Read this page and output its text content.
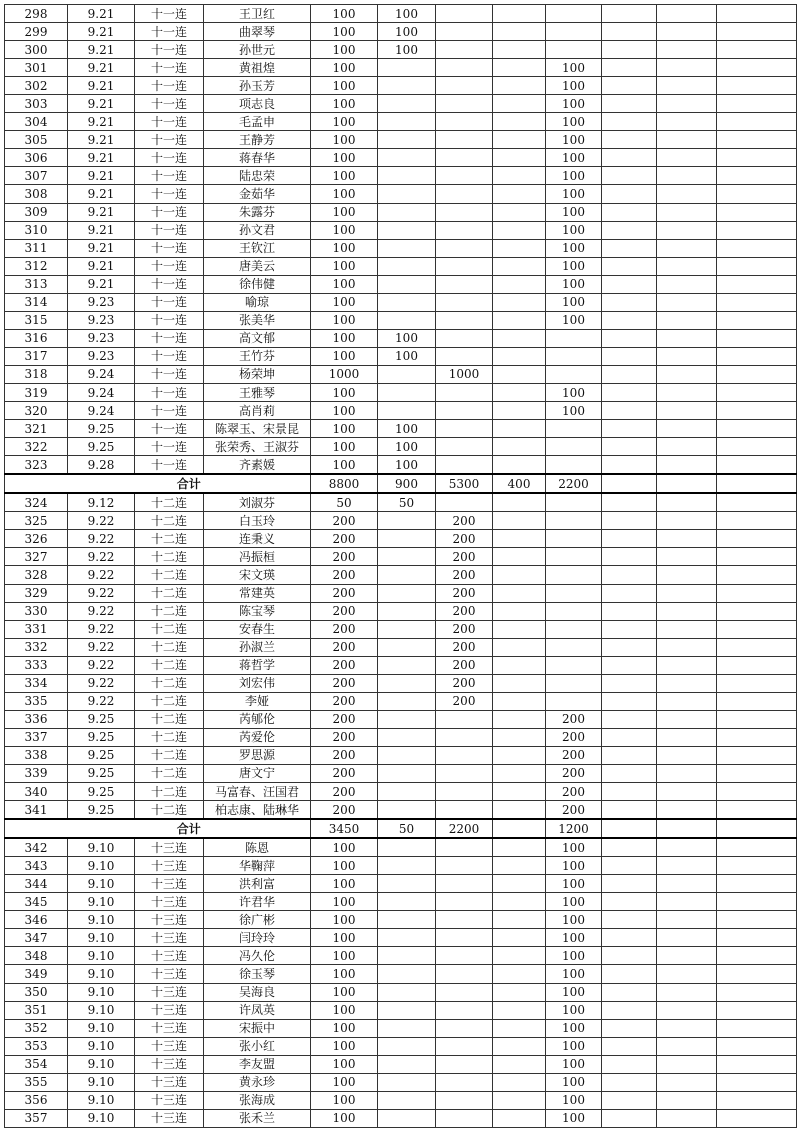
298	9.21	十一连	王卫红	100	100						
299	9.21	十一连	曲翠琴	100	100						
300	9.21	十一连	孙世元	100	100						
301	9.21	十一连	黄祖煌	100				100			
302	9.21	十一连	孙玉芳	100				100			
303	9.21	十一连	项志良	100				100			
304	9.21	十一连	毛孟申	100				100			
305	9.21	十一连	王静芳	100				100			
306	9.21	十一连	蒋春华	100				100			
307	9.21	十一连	陆忠荣	100				100			
308	9.21	十一连	金茹华	100				100			
309	9.21	十一连	朱露芬	100				100			
310	9.21	十一连	孙文君	100				100			
311	9.21	十一连	王钦江	100				100			
312	9.21	十一连	唐美云	100				100			
313	9.21	十一连	徐伟健	100				100			
314	9.23	十一连	喻琼	100				100			
315	9.23	十一连	张美华	100				100			
316	9.23	十一连	高文郁	100	100						
317	9.23	十一连	王竹芬	100	100						
318	9.24	十一连	杨荣坤	1000		1000					
319	9.24	十一连	王雅琴	100				100			
320	9.24	十一连	高肖莉	100				100			
321	9.25	十一连	陈翠玉、宋景昆	100	100						
322	9.25	十一连	张荣秀、王淑芬	100	100						
323	9.28	十一连	齐素媛	100	100						
	合计			8800	900	5300	400	2200			
324	9.12	十二连	刘淑芬	50	50						
325	9.22	十二连	白玉玲	200		200					
326	9.22	十二连	连秉义	200		200					
327	9.22	十二连	冯振桓	200		200					
328	9.22	十二连	宋文瑛	200		200					
329	9.22	十二连	常建英	200		200					
330	9.22	十二连	陈宝琴	200		200					
331	9.22	十二连	安春生	200		200					
332	9.22	十二连	孙淑兰	200		200					
333	9.22	十二连	蒋哲学	200		200					
334	9.22	十二连	刘宏伟	200		200					
335	9.22	十二连	李娅	200		200					
336	9.25	十二连	芮郇伦	200				200			
337	9.25	十二连	芮爱伦	200				200			
338	9.25	十二连	罗思源	200				200			
339	9.25	十二连	唐文宁	200				200			
340	9.25	十二连	马富春、汪国君	200				200			
341	9.25	十二连	柏志康、陆琳华	200				200			
	合计			3450	50	2200		1200			
342	9.10	十三连	陈恩	100				100			
343	9.10	十三连	华鞠萍	100				100			
344	9.10	十三连	洪利富	100				100			
345	9.10	十三连	许君华	100				100			
346	9.10	十三连	徐广彬	100				100			
347	9.10	十三连	闫玲玲	100				100			
348	9.10	十三连	冯久伦	100				100			
349	9.10	十三连	徐玉琴	100				100			
350	9.10	十三连	吴海良	100				100			
351	9.10	十三连	许凤英	100				100			
352	9.10	十三连	宋振中	100				100			
353	9.10	十三连	张小红	100				100			
354	9.10	十三连	李友盟	100				100			
355	9.10	十三连	黄永珍	100				100			
356	9.10	十三连	张海成	100				100			
357	9.10	十三连	张禾兰	100				100			
